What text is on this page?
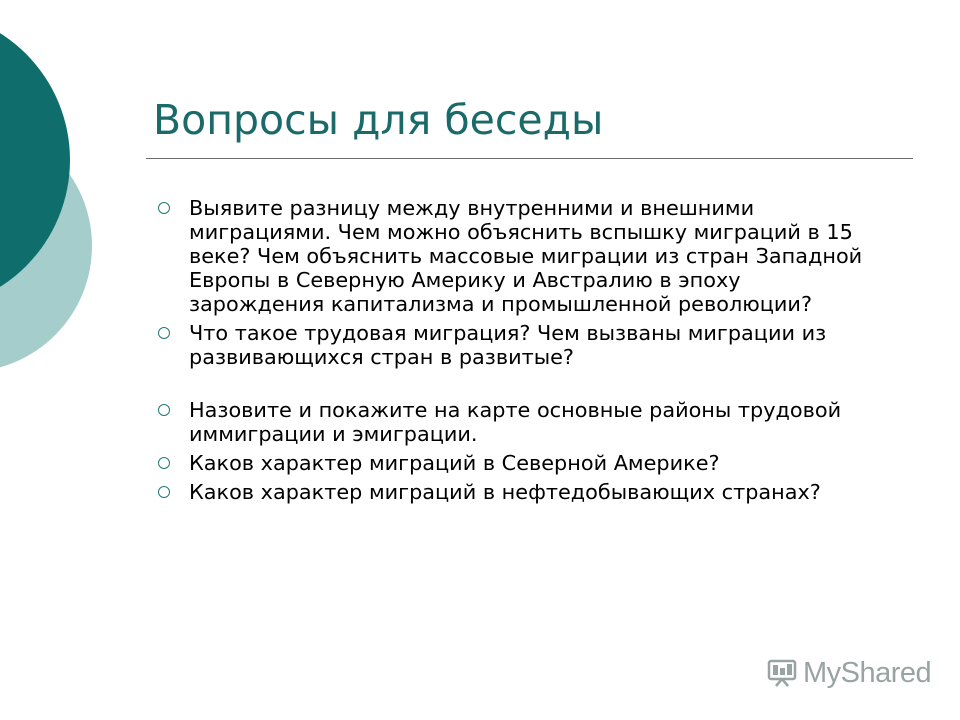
Вопросы для беседы
Выявите разницу между внутренними и внешними миграциями. Чем можно объяснить вспышку миграций в 15 веке? Чем объяснить массовые миграции из стран Западной Европы в Северную Америку и Австралию в эпоху зарождения капитализма и промышленной революции?
Что такое трудовая миграция? Чем вызваны миграции из развивающихся стран в развитые?
Назовите и покажите на карте основные районы трудовой иммиграции и эмиграции.
Каков характер миграций в Северной Америке?
Каков характер миграций в нефтедобывающих странах?
MyShared
